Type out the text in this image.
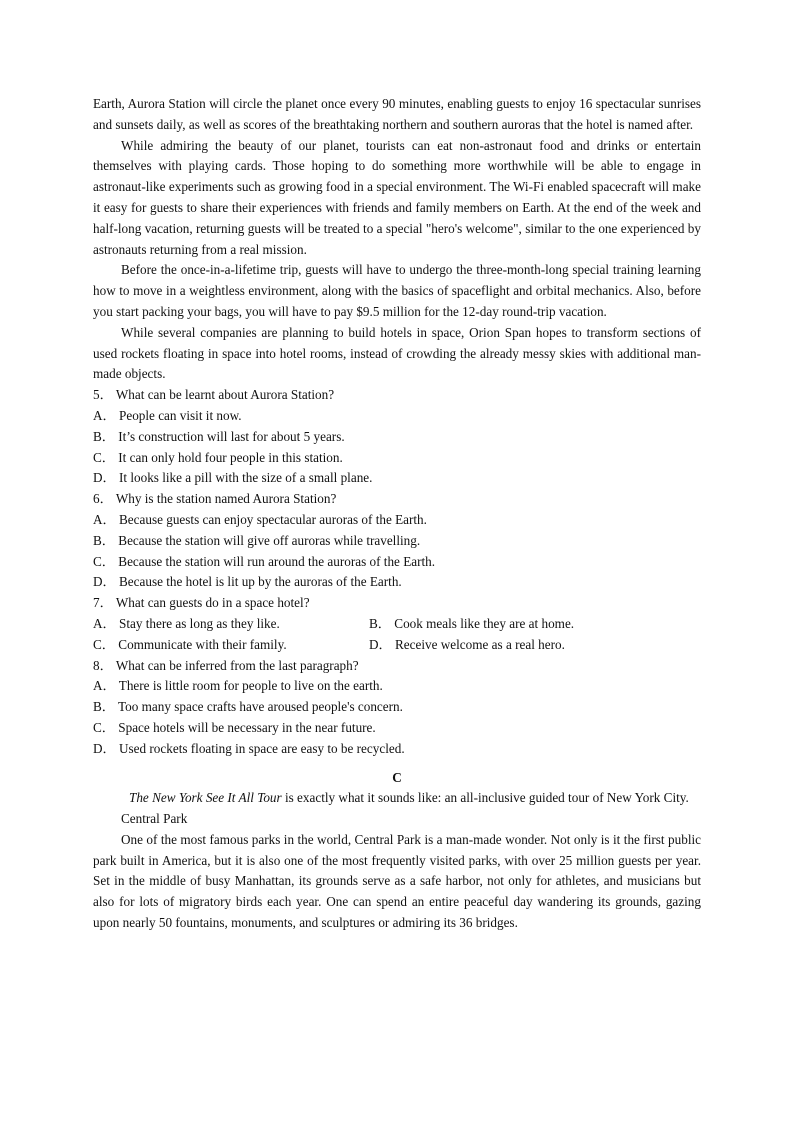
Earth, Aurora Station will circle the planet once every 90 minutes, enabling guests to enjoy 16 spectacular sunrises and sunsets daily, as well as scores of the breathtaking northern and southern auroras that the hotel is named after.

While admiring the beauty of our planet, tourists can eat non-astronaut food and drinks or entertain themselves with playing cards. Those hoping to do something more worthwhile will be able to engage in astronaut-like experiments such as growing food in a special environment. The Wi-Fi enabled spacecraft will make it easy for guests to share their experiences with friends and family members on Earth. At the end of the week and half-long vacation, returning guests will be treated to a special "hero's welcome", similar to the one experienced by astronauts returning from a real mission.

Before the once-in-a-lifetime trip, guests will have to undergo the three-month-long special training learning how to move in a weightless environment, along with the basics of spaceflight and orbital mechanics. Also, before you start packing your bags, you will have to pay $9.5 million for the 12-day round-trip vacation.

While several companies are planning to build hotels in space, Orion Span hopes to transform sections of used rockets floating in space into hotel rooms, instead of crowding the already messy skies with additional man-made objects.

5． What can be learnt about Aurora Station?
A． People can visit it now.
B． It’s construction will last for about 5 years.
C． It can only hold four people in this station.
D． It looks like a pill with the size of a small plane.
6． Why is the station named Aurora Station?
A． Because guests can enjoy spectacular auroras of the Earth.
B． Because the station will give off auroras while travelling.
C． Because the station will run around the auroras of the Earth.
D． Because the hotel is lit up by the auroras of the Earth.
7． What can guests do in a space hotel?
A． Stay there as long as they like.	B． Cook meals like they are at home.
C． Communicate with their family.	D． Receive welcome as a real hero.
8． What can be inferred from the last paragraph?
A． There is little room for people to live on the earth.
B． Too many space crafts have aroused people's concern.
C． Space hotels will be necessary in the near future.
D． Used rockets floating in space are easy to be recycled.
C

The New York See It All Tour is exactly what it sounds like: an all-inclusive guided tour of New York City.

Central Park

One of the most famous parks in the world, Central Park is a man-made wonder. Not only is it the first public park built in America, but it is also one of the most frequently visited parks, with over 25 million guests per year. Set in the middle of busy Manhattan, its grounds serve as a safe harbor, not only for athletes, and musicians but also for lots of migratory birds each year. One can spend an entire peaceful day wandering its grounds, gazing upon nearly 50 fountains, monuments, and sculptures or admiring its 36 bridges.
